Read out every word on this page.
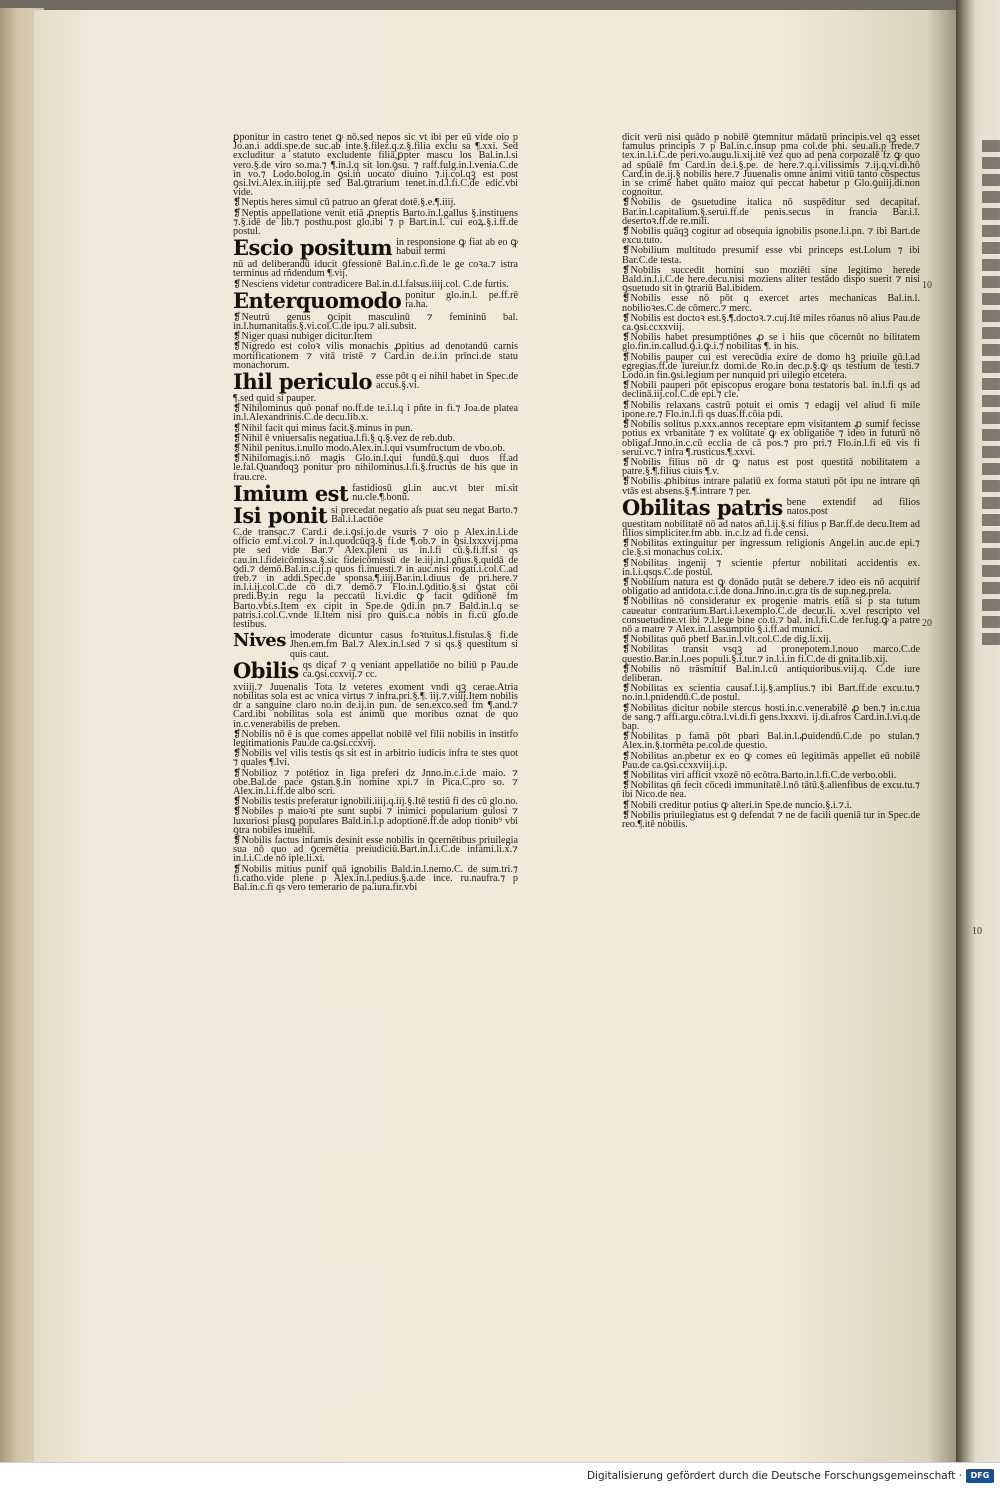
ꝑponitur in castro tenet ꝙ nō.sed nepos sic vt ibi per eū vide oio p Jo.an.i addi.spe.de suc.ab inte.§.filez.q.z.§.filia exclu sa ¶.xxi. Sed excluditur a statuto excludente filiā,ꝑpter mascu los Bal.in.l.si vero.§.de viro so.ma.⁊ ¶.in.l.q sit lon.ꝯsu. ⁊ raff.fulg.in.l.venia.C.de in vo.⁊ Lodo.bolog.in ꝯsi.in uocato diuino ⁊.ij.col.qꝫ est post ꝯsi.lvi.Alex.in.iiij.pte sed Bal.ꝯtrarium tenet.in.d.l.fi.C.de edic.vbi vide.

❡ Neptis heres simul cū patruo an ꝯferat dotē.§.e.¶.iiij.

❡ Neptis appellatione venit etiā ꝓneptis Barto.in.l.gallus §.instituens ⁊.§.idē de lib.⁊ posthu.post glo.ibi ⁊ p Bart.in.l. cui eoꝝ.§.i.ff.de postul.

Escio positum in responsione ꝙ fiat ab eo ꝙ habuit termi

nū ad deliberandū iducit ꝯfessionē Bal.in.c.fi.de le ge coꝛa.⁊ istra terminus ad rñdendum ¶.vij.

❡ Nesciens videtur contradicere Bal.in.d.l.falsus.iiij.col. C.de furtis.

Enterquomodo ponitur glo.in.l. pe.ff.rē ra.ha.

❡ Neutrū genus ꝯcipit masculinū ⁊ femininū bal. in.l.humanitatis.§.vi.col.C.de ipu.⁊ ali.subsit.

❡ Niger quasi nubiger dicitur.Item

❡ Nigredo est coloꝛ vilis monachis ꝓpitius ad denotandū carnis mortificationem ⁊ vitā tristē ⁊ Card.in de.i.in prīnci.de statu monachorum.

Ihil periculo esse pōt q ei nihil habet in Spec.de accus.§.vi.

¶.sed quid si pauper.

❡ Nihilominus quō ponaf no.ff.de te.i.l.q i pñte in fi.⁊ Joa.de platea in.l.Alexandrinis.C.de decu.lib.x.

❡ Nihil facit qui minus facit.§.minus in pun.

❡ Nihil ē vniuersalis negatiua.l.fi.§ q.§.vez de reb.dub.

❡ Nihil penitus.i.nullo modo.Alex.in.l.qui vsumfructum de vbo.ob.

❡ Nihilomagis.i.nō magis Glo.in.l.qui fundū.§.qui duos ff.ad le.fal.Quandoqꝫ ponitur pro nihilominus.l.fi.§.fructus de his que in frau.cre.

Imium est fastidiosū gl.in auc.vt bter mi.sit nu.cle.¶.bonū.
Isi ponit si precedat negatio aſs puat seu negat Barto.⁊ Bal.i.l.actiōe

C.de transac.⁊ Card.i de.i.ꝯsi.jo.de vsuris ⁊ oio p Alex.in.l.i.de officio emf.vi.col.⁊ in.l.quodcūqꝫ.§ fi.de ¶.ob.⁊ in ꝯsi.lxxxvij.pma pte sed vide Bar.⁊ Alex.pleni us in.l.fi cū.§.fi.ff.si qs cau.in.l.fideicōmissa.§.sic fideicōmissū de le.iij.in.l.gñus.§.quidā de ꝯdi.⁊ demō.Bal.in.c.ij.p quos fi.inuesti.⁊ in auc.nisi rogati.i.col.C.ad treb.⁊ in addi.Spec.de sponsa.¶.iiij.Bar.in.l.diuus de pri.here.⁊ in.l.i.ij.col.C.de cō di.⁊ demō.⁊ Flo.in.l.ꝯditio.§.si ꝯstat cōi predi.By.in regu la peccatū li.vi.dic ꝙ facit ꝯditionē fm Barto.vbi.s.Item ex cipit in Spe.de ꝯdi.in pn.⁊ Bald.in.l.q se patris.i.col.C.vnde li.Item nisi pro ꝗuis.c.a nobis in fi.cū glo.de testibus.

Nives imoderate dicuntur casus foꝛtuitus.l.fistulas.§ fi.de Jhen.em.fm Bal.⁊ Alex.in.l.sed ⁊ si qs.§ questitum si quis caut.
Obilis qs dicaf ⁊ q veniant appellatiōe no biliū p Pau.de ca.ꝯsi.ccxvij.⁊ cc.

xviiij.⁊ Juuenalis Tota lz veteres exoment vndi qꝫ cerae.Atria nobilitas sola est ac vnica virtus ⁊ infra.pri.§.¶. iij.⁊.viiij.Item nobilis dr a sanguine claro no.in de.ij.in pun. de sen.exco.sed fm ¶.and.⁊ Card.ibi nobilitas sola est animū que moribus oznat de quo in.c.venerabilis de preben.

❡ Nobilis nō ē is que comes appellat nobilē vel filii nobilis in institfo legitimationis Pau.de ca.ꝯsi.ccxvij.

❡ Nobilis vel vilis testis qs sit est in arbitrio iudicis infra te stes quot ⁊ quales ¶.lvi.

❡ Nobilioz ⁊ potētioz in liga preferi dz Jnno.in.c.i.de maio. ⁊ obe.Bal.de pace ꝯstan.§.in nomine xpi.⁊ in Pica.C.pro so. ⁊ Alex.in.l.i.ff.de albo scri.

❡ Nobilis testis preferatur ignobili.iiij.q.iij.§.Itē testiū fi des cū glo.no.

❡ Nobiles p maioꝛi pte sunt supbi ⁊ inimici popularium gulosi ⁊ luxuriosi plusꝗ populares Bald.in.l.p adoptionē.ff.de adop tionib⁹ vbi ꝯtra nobiles inuehit.

❡ Nobilis factus infamis desinit esse nobilis in ꝯcernētibus priuilegia sua nō quo ad ꝯcernētia preiudiciū.Bart.in.l.i.C.de infami.li.x.⁊ in.l.i.C.de nō iple.li.xi.

❡ Nobilis mitius punif quā ignobilis Bald.in.l.nemo.C. de sum.tri.⁊ fi.catho.vide plene p Alex.in.l.pedius.§.a.de ince. ru.naufra.⁊ p Bal.in.c.fi qs vero temerario de pa.iura.fir.vbi

dicit verū nisi quādo p nobilē ꝯtemnitur mādatū principis.vel qꝫ esset famulus principis ⁊ p Bal.in.c.insup pma col.de phi. seu.ali.p frede.⁊ tex.in.l.i.C.de peri.vo.augu.li.xij.itē vez quo ad pena corpozalē fz ꝙ quo ad spūalē fm Card.in de.i.§.pe. de here.⁊.q.i.vilissimis ⁊.ij.q.vi.di.hō Card.in de.ij.§ nobilis here.⁊ Juuenalis omne animi vitiū tanto cōspectus in se crimē habet quāto maioz qui peccat habetur p Glo.ꝯuiij.di.non cognoitur.

❡ Nobilis de ꝯsuetudine italica nō suspēditur sed decapitaf. Bar.in.l.capitalium.§.serui.ff.de penis.secus in francia Bar.i.l. desertoꝛ.ff.de re.mili.

❡ Nobilis quāqꝫ cogitur ad obsequia ignobilis psone.l.i.pn. ⁊ ibi Bart.de excu.tuto.

❡ Nobilium multitudo presumif esse vbi princeps est.Lolum ⁊ ibi Bar.C.de testa.

❡ Nobilis succedit homini suo moziēti sine legitimo herede Bald.in.l.i.C.de here.decu.nisi moziens aliter testādo dispo suerit ⁊ nisi ꝯsuetudo sit in ꝯtrariū Bal.ibidem.

❡ Nobilis esse nō pōt q exercet artes mechanicas Bal.in.l. nobilioꝛes.C.de cōmerc.⁊ merc.

❡ Nobilis est doctoꝛ est.§.¶.doctoꝛ.⁊.cuj.Itē miles rōanus nō alius Pau.de ca.ꝯsi.ccxxviij.

❡ Nobilis habet presumptiōnes ꝓ se i hiis que cōcernūt no bilitatem glo.fin.in.callud.ꝯ.i.ꝙ.i.⁊ nobilitas ¶. in his.

❡ Nobilis pauper cui est verecūdia exire de domo hꝫ priuile gū.l.ad egregias.ff.de iureiur.fz domi.de Ro.in dec.p.§.ꝙ qs testium de testi.⁊ Lodo.in fin.ꝯsi.legium per nunquid pri uilegio etcetera.

❡ Nobili pauperi pōt episcopus erogare bona testatoris bal. in.l.fi qs ad declinā.iij.col.C.de epi.⁊ cle.

❡ Nobilis relaxans castrū potuit ei omis ⁊ edagij vel aliud fi mile ipone.re.⁊ Flo.in.l.fi qs duas.ff.cōia pdi.

❡ Nobilis solitus p.xxx.annos receptare epm visitantem ꝓ sumif fecisse potius ex vrbanitate ⁊ ex volūtate ꝙ ex obligatiōe ⁊ ideo in futurū nō obligaf.Jnno.in.c.cū ecclia de cā pos.⁊ pro pri.⁊ Flo.in.l.fi eū vis fi serui.vc.⁊ infra ¶.rusticus.¶.xxvi.

❡ Nobilis filius nō dr ꝙ natus est post questitā nobilitatem a patre.§.¶.filius ciuis ¶.v.

❡ Nobilis ꝓhibitus intrare palatiū ex forma statuti pōt ipu ne intrare qñ vtās est absens.§.¶.intrare ⁊ per.

Obilitas patris bene extendif ad filios natos.post

questitam nobilitatē nō ad natos añ.l.ij.§.si filius p Bar.ff.de decu.Item ad filios simpliciter.fm abb. in.c.lz ad fi.de censi.

❡ Nobilitas extinguitur per ingressum religionis Angel.in auc.de epi.⁊ cle.§.si monachus col.ix.

❡ Nobilitas ingenij ⁊ scientie pfertur nobilitati accidentis ex. in.l.i.qsqs.C.de postul.

❡ Nobilium natura est ꝙ donādo putāt se debere.⁊ ideo eis nō acquirif obligatio ad antidota.c.i.de dona.Jnno.in.c.gra tis de sup.neg.prela.

❡ Nobilitas nō consideratur ex progenie matris etiā si p sta tutum caueatur contrarium.Bart.i.l.exemplo.C.de decur.li. x.vel rescripto vel consuetudine.vt ibi ⁊.l.lege bine co.ti.⁊ bal. in.l.fi.C.de fer.fug.ꝙ a patre nō a matre ⁊ Alex.in.l.assumptio §.i.ff.ad munici.

❡ Nobilitas quō pbetf Bar.in.l.vlt.col.C.de dig.li.xij.

❡ Nobilitas transit vsqꝫ ad pronepotem.l.nouo marco.C.de questio.Bar.in.l.oes populi.§.i.tur.⁊ in.l.i.in fi.C.de di gnita.lib.xij.

❡ Nobilis nō trāsmittif Bal.in.l.cū antiquioribus.viij.q. C.de iure deliberan.

❡ Nobilitas ex scientia causaf.l.ij.§.amplius.⁊ ibi Bart.ff.de excu.tu.⁊ no.in.l.pnidendū.C.de postul.

❡ Nobilitas dicitur nobile stercus hosti.in.c.venerabilē ꝓ ben.⁊ in.c.tua de sang.⁊ affi.argu.cōtra.l.vi.di.fi gens.lxxxvi. ij.di.afros Card.in.l.vi.q.de bap.

❡ Nobilitas p famā pōt pbari Bal.in.l.ꝓuidendū.C.de po stulan.⁊ Alex.in.§.tormēta pe.col.de questio.

❡ Nobilitas an.pbetur ex eo ꝙ comes eū legitimās appellet eū nobilē Pau.de ca.ꝯsi.ccxxviij.i.p.

❡ Nobilitas viri afficit vxozē nō ecōtra.Barto.in.l.fi.C.de verbo.obli.

❡ Nobilitas qñ fecit cōcedi immunitatē.l.nō tātū.§.alienfibus de excu.tu.⁊ ibi Nico.de nea.

❡ Nobili creditur potius ꝙ alteri.in Spe.de nuncio.§.i.⁊.i.

❡ Nobilis priuilegiatus est ꝯ defendat ⁊ ne de facili queniā tur in Spec.de reo.¶.itē nobilis.

10
20
10
Digitalisierung gefördert durch die Deutsche Forschungsgemeinschaft ·	DFG
